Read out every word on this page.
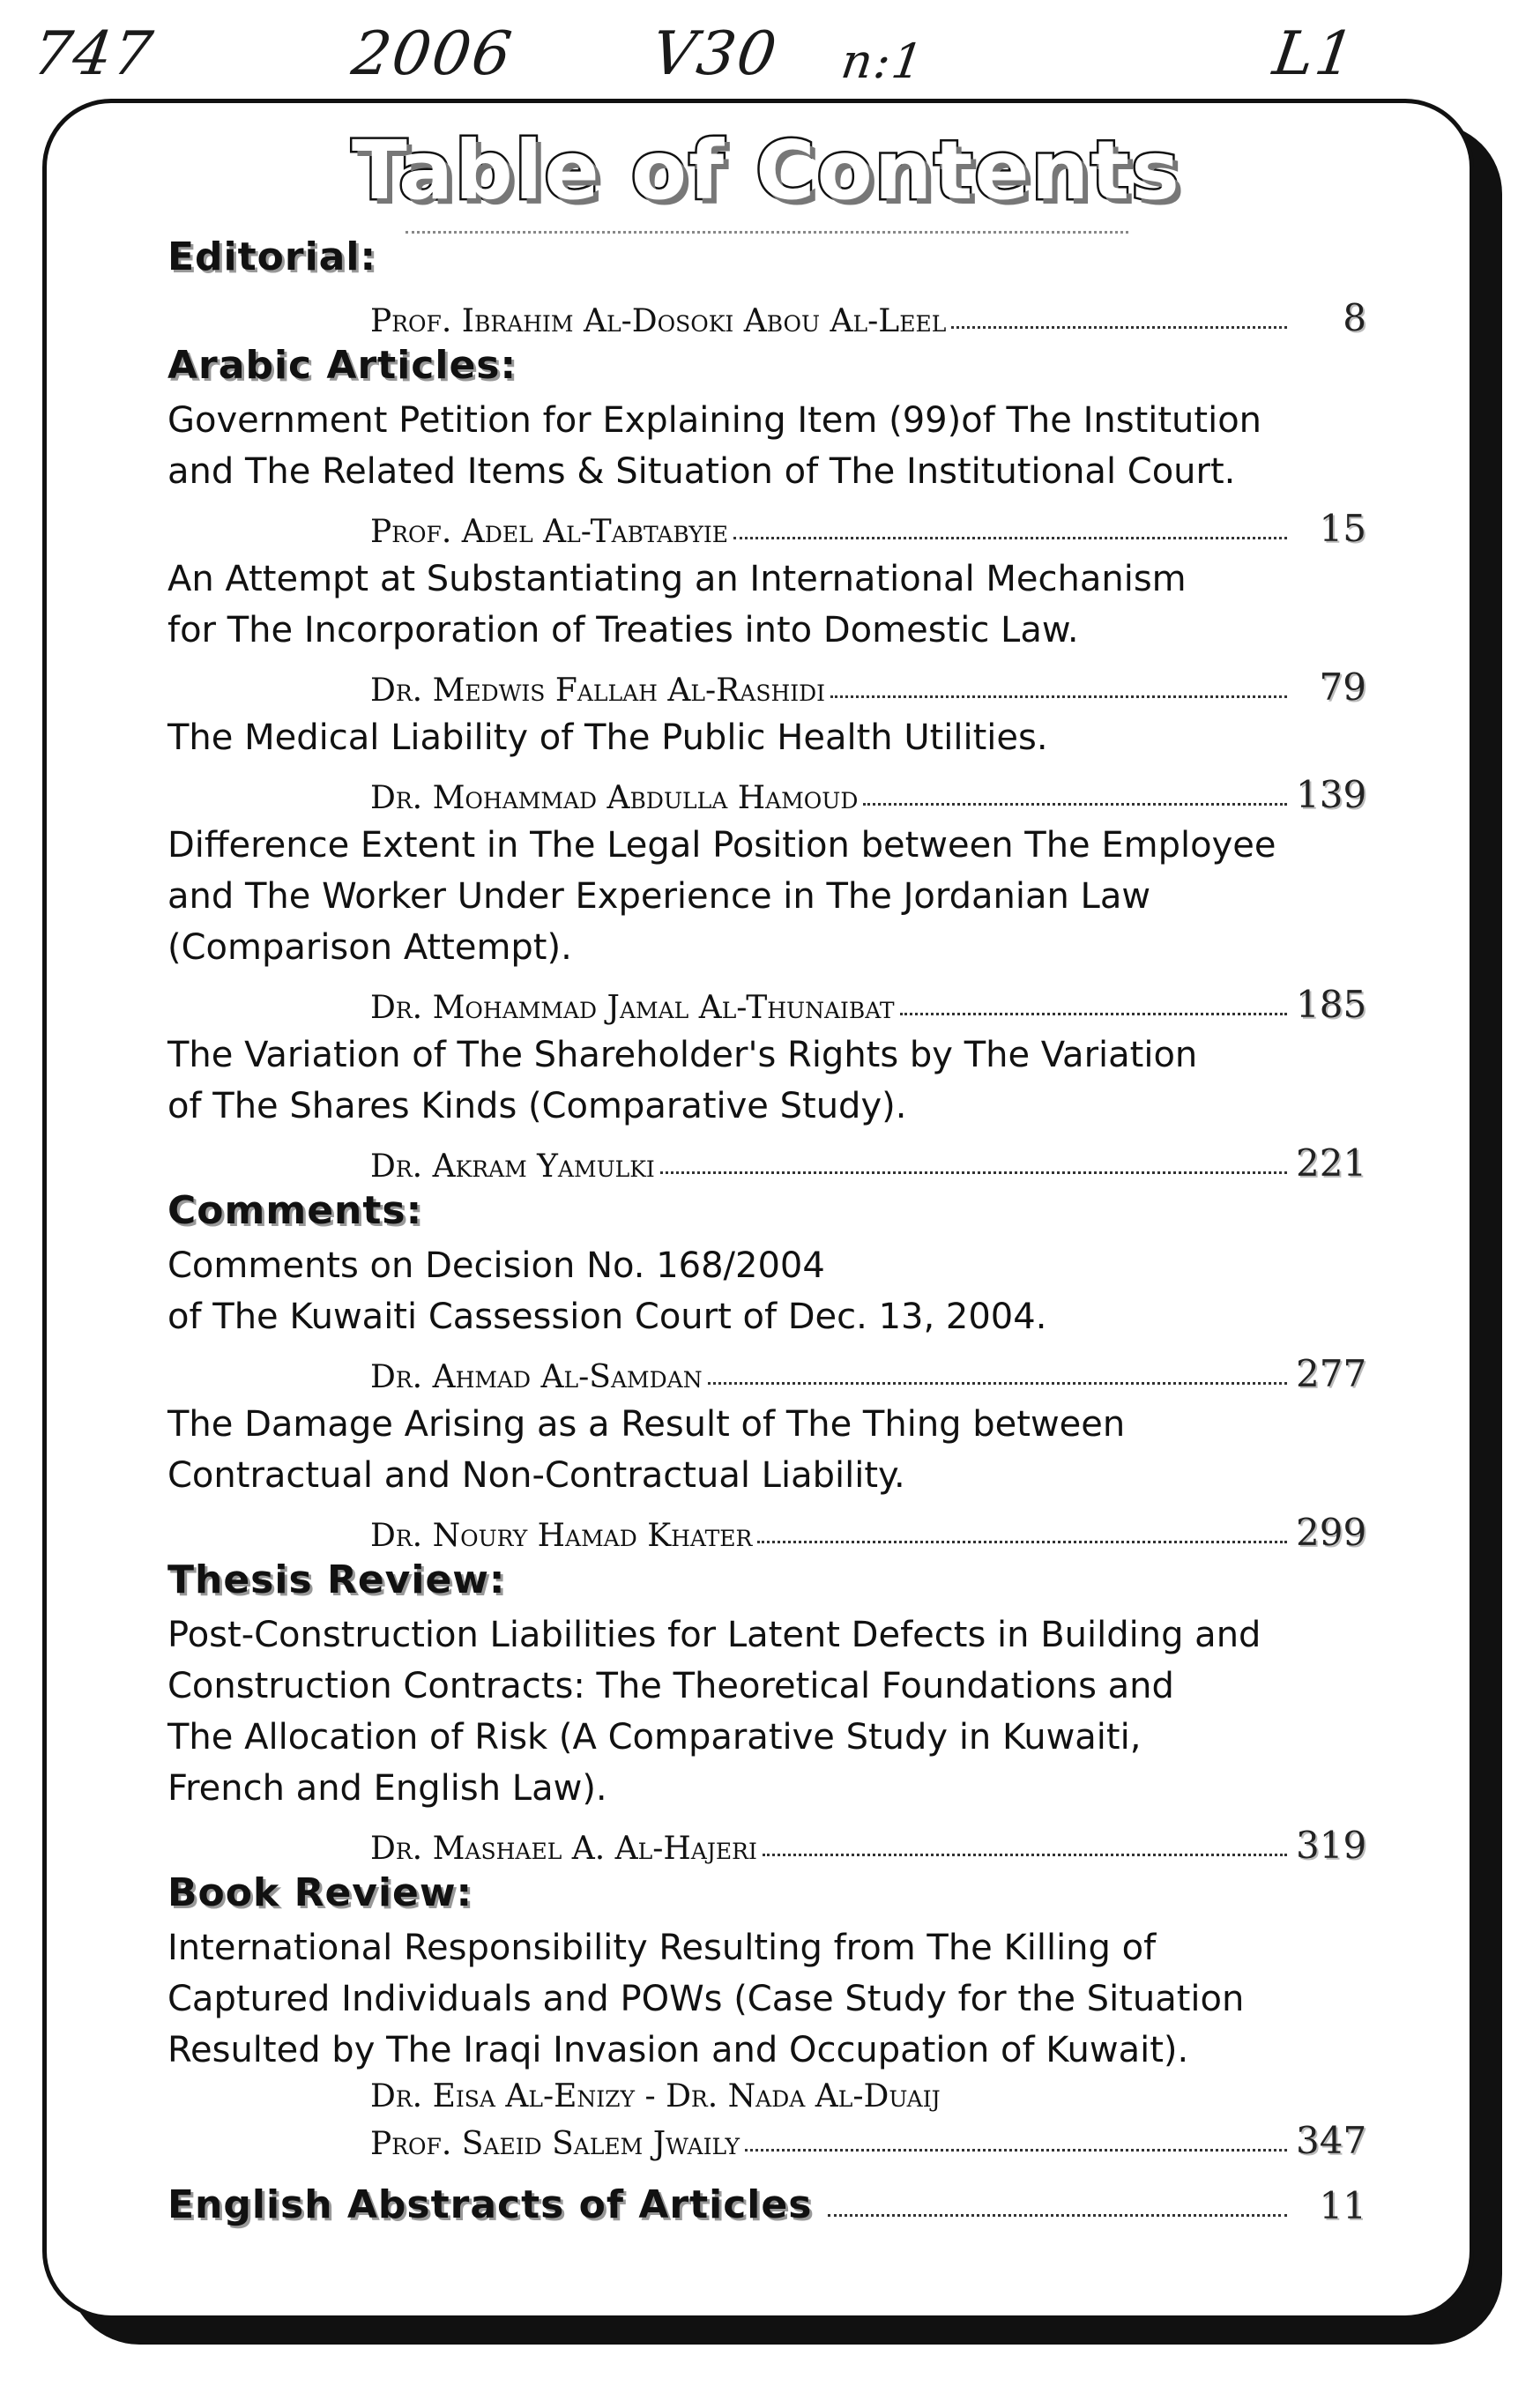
747	2006 V30 n:1	L1
Table of Contents
Editorial:
Prof. Ibrahim Al-Dosoki Abou Al-Leel	8
Arabic Articles:
Government Petition for Explaining Item (99)of The Institution
and The Related Items & Situation of The Institutional Court.
Prof. Adel Al-Tabtabyie	15
An Attempt at Substantiating an International Mechanism
for The Incorporation of Treaties into Domestic Law.
Dr. Medwis Fallah Al-Rashidi	79
The Medical Liability of The Public Health Utilities.
Dr. Mohammad Abdulla Hamoud	139
Difference Extent in The Legal Position between The Employee
and The Worker Under Experience in The Jordanian Law
(Comparison Attempt).
Dr. Mohammad Jamal Al-Thunaibat	185
The Variation of The Shareholder's Rights by The Variation
of The Shares Kinds (Comparative Study).
Dr. Akram Yamulki	221
Comments:
Comments on Decision No. 168/2004
of The Kuwaiti Cassession Court of Dec. 13, 2004.
Dr. Ahmad Al-Samdan	277
The Damage Arising as a Result of The Thing between
Contractual and Non-Contractual Liability.
Dr. Noury Hamad Khater	299
Thesis Review:
Post-Construction Liabilities for Latent Defects in Building and
Construction Contracts: The Theoretical Foundations and
The Allocation of Risk (A Comparative Study in Kuwaiti,
French and English Law).
Dr. Mashael A. Al-Hajeri	319
Book Review:
International Responsibility Resulting from The Killing of
Captured Individuals and POWs (Case Study for the Situation
Resulted by The Iraqi Invasion and Occupation of Kuwait).
Dr. Eisa Al-Enizy - Dr. Nada Al-Duaij
Prof. Saeid Salem Jwaily	347
English Abstracts of Articles	11
